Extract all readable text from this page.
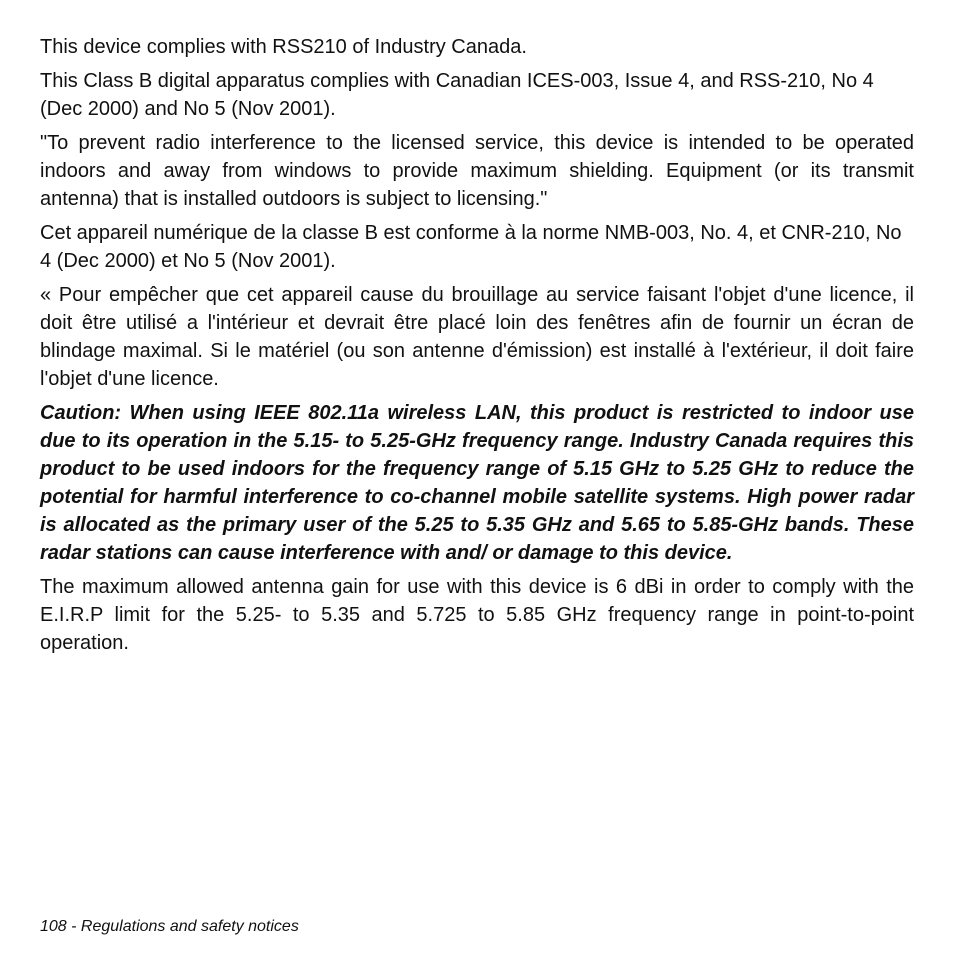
This device complies with RSS210 of Industry Canada.

This Class B digital apparatus complies with Canadian ICES-003, Issue 4, and RSS-210, No 4 (Dec 2000) and No 5 (Nov 2001).

"To prevent radio interference to the licensed service, this device is intended to be operated indoors and away from windows to provide maximum shielding. Equipment (or its transmit antenna) that is installed outdoors is subject to licensing."

Cet appareil numérique de la classe B est conforme à la norme NMB-003, No. 4, et CNR-210, No 4 (Dec 2000) et No 5 (Nov 2001).

« Pour empêcher que cet appareil cause du brouillage au service faisant l'objet d'une licence, il doit être utilisé a l'intérieur et devrait être placé loin des fenêtres afin de fournir un écran de blindage maximal. Si le matériel (ou son antenne d'émission) est installé à l'extérieur, il doit faire l'objet d'une licence.

Caution: When using IEEE 802.11a wireless LAN, this product is restricted to indoor use due to its operation in the 5.15- to 5.25-GHz frequency range. Industry Canada requires this product to be used indoors for the frequency range of 5.15 GHz to 5.25 GHz to reduce the potential for harmful interference to co-channel mobile satellite systems. High power radar is allocated as the primary user of the 5.25 to 5.35 GHz and 5.65 to 5.85-GHz bands. These radar stations can cause interference with and/ or damage to this device.

The maximum allowed antenna gain for use with this device is 6 dBi in order to comply with the E.I.R.P limit for the 5.25- to 5.35 and 5.725 to 5.85 GHz frequency range in point-to-point operation.

108 - Regulations and safety notices
